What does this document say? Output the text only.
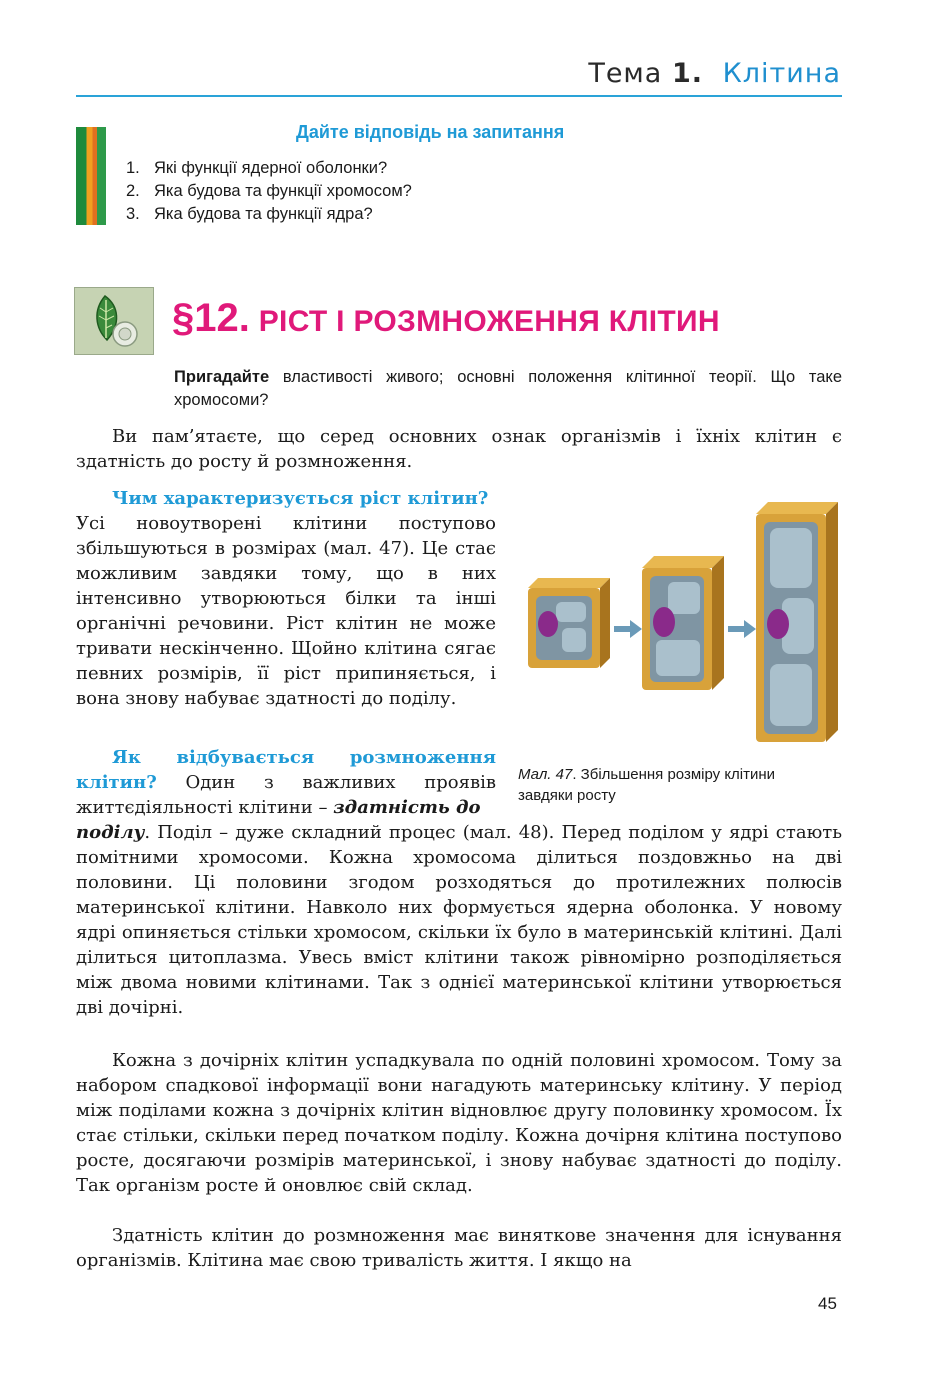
Тема 1. Клітина
Дайте відповідь на запитання
1. Які функції ядерної оболонки?
2. Яка будова та функції хромосом?
3. Яка будова та функції ядра?
§12. РІСТ І РОЗМНОЖЕННЯ КЛІТИН
Пригадайте властивості живого; основні положення клітинної теорії. Що таке хромосоми?
Ви пам’ятаєте, що серед основних ознак організмів і їхніх клітин є здатність до росту й розмноження.
Чим характеризується ріст клітин?
Усі новоутворені клітини поступово збільшуються в розмірах (мал. 47). Це стає можливим завдяки тому, що в них інтенсивно утворюються білки та інші органічні речовини. Ріст клітин не може тривати нескінченно. Щойно клітина сягає певних розмірів, її ріст припиняється, і вона знову набуває здатності до поділу.
Як відбувається розмноження клітин? Один з важливих проявів життєдіяльності клітини – здатність до
поділу. Поділ – дуже складний процес (мал. 48). Перед поділом у ядрі стають помітними хромосоми. Кожна хромосома ділиться поздовжньо на дві половини. Ці половини згодом розходяться до протилежних полюсів материнської клітини. Навколо них формується ядерна оболонка. У новому ядрі опиняється стільки хромосом, скільки їх було в материнській клітині. Далі ділиться цитоплазма. Увесь вміст клітини також рівномірно розподіляється між двома новими клітинами. Так з однієї материнської клітини утворюється дві дочірні.
Кожна з дочірніх клітин успадкувала по одній половині хромосом. Тому за набором спадкової інформації вони нагадують материнську клітину. У період між поділами кожна з дочірніх клітин відновлює другу половинку хромосом. Їх стає стільки, скільки перед початком поділу. Кожна дочірня клітина поступово росте, досягаючи розмірів материнської, і знову набуває здатності до поділу. Так організм росте й оновлює свій склад.
Здатність клітин до розмноження має виняткове значення для існування організмів. Клітина має свою тривалість життя. І якщо на
Мал. 47. Збільшення розміру клітини завдяки росту
45
